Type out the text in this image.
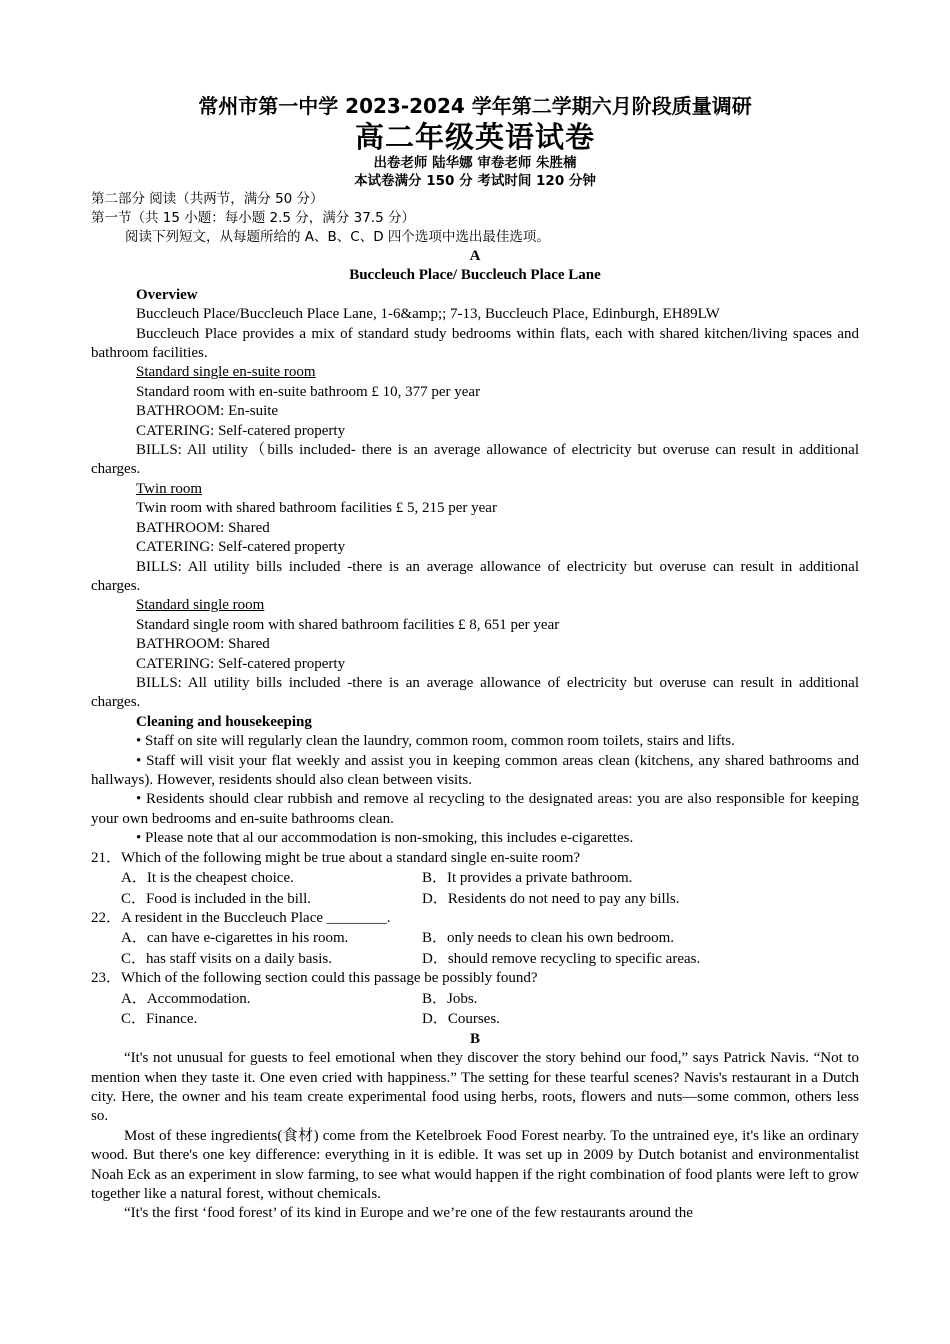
常州市第一中学 2023-2024 学年第二学期六月阶段质量调研
高二年级英语试卷
出卷老师 陆华娜 审卷老师 朱胜楠
本试卷满分 150 分 考试时间 120 分钟
第二部分 阅读（共两节，满分 50 分）
第一节（共 15 小题：每小题 2.5 分，满分 37.5 分）
阅读下列短文，从每题所给的 A、B、C、D 四个选项中选出最佳选项。

A

Buccleuch Place/ Buccleuch Place Lane

Overview

Buccleuch Place/Buccleuch Place Lane, 1-6&amp;; 7-13, Buccleuch Place, Edinburgh, EH89LW

Buccleuch Place provides a mix of standard study bedrooms within flats, each with shared kitchen/living spaces and bathroom facilities.

Standard single en-suite room

Standard room with en-suite bathroom £ 10, 377 per year

BATHROOM: En-suite

CATERING: Self-catered property

BILLS: All utility（bills included- there is an average allowance of electricity but overuse can result in additional charges.

Twin room

Twin room with shared bathroom facilities £ 5, 215 per year

BATHROOM: Shared

CATERING: Self-catered property

BILLS: All utility bills included -there is an average allowance of electricity but overuse can result in additional charges.

Standard single room

Standard single room with shared bathroom facilities £ 8, 651 per year

BATHROOM: Shared

CATERING: Self-catered property

BILLS: All utility bills included -there is an average allowance of electricity but overuse can result in additional charges.

Cleaning and housekeeping

• Staff on site will regularly clean the laundry, common room, common room toilets, stairs and lifts.

• Staff will visit your flat weekly and assist you in keeping common areas clean (kitchens, any shared bathrooms and hallways). However, residents should also clean between visits.

• Residents should clear rubbish and remove al recycling to the designated areas: you are also responsible for keeping your own bedrooms and en-suite bathrooms clean.

• Please note that al our accommodation is non-smoking, this includes e-cigarettes.

21．Which of the following might be true about a standard single en-suite room?

A．It is the cheapest choice.	B．It provides a private bathroom.
C．Food is included in the bill.	D．Residents do not need to pay any bills.

22．A resident in the Buccleuch Place ________.

A．can have e-cigarettes in his room.	B．only needs to clean his own bedroom.
C．has staff visits on a daily basis.	D．should remove recycling to specific areas.

23．Which of the following section could this passage be possibly found?

A．Accommodation.	B．Jobs.
C．Finance.	D．Courses.

B

“It's not unusual for guests to feel emotional when they discover the story behind our food,” says Patrick Navis. “Not to mention when they taste it. One even cried with happiness.” The setting for these tearful scenes? Navis's restaurant in a Dutch city. Here, the owner and his team create experimental food using herbs, roots, flowers and nuts—some common, others less so.

Most of these ingredients(食材) come from the Ketelbroek Food Forest nearby. To the untrained eye, it's like an ordinary wood. But there's one key difference: everything in it is edible. It was set up in 2009 by Dutch botanist and environmentalist Noah Eck as an experiment in slow farming, to see what would happen if the right combination of food plants were left to grow together like a natural forest, without chemicals.

“It's the first ‘food forest’ of its kind in Europe and we’re one of the few restaurants around the
